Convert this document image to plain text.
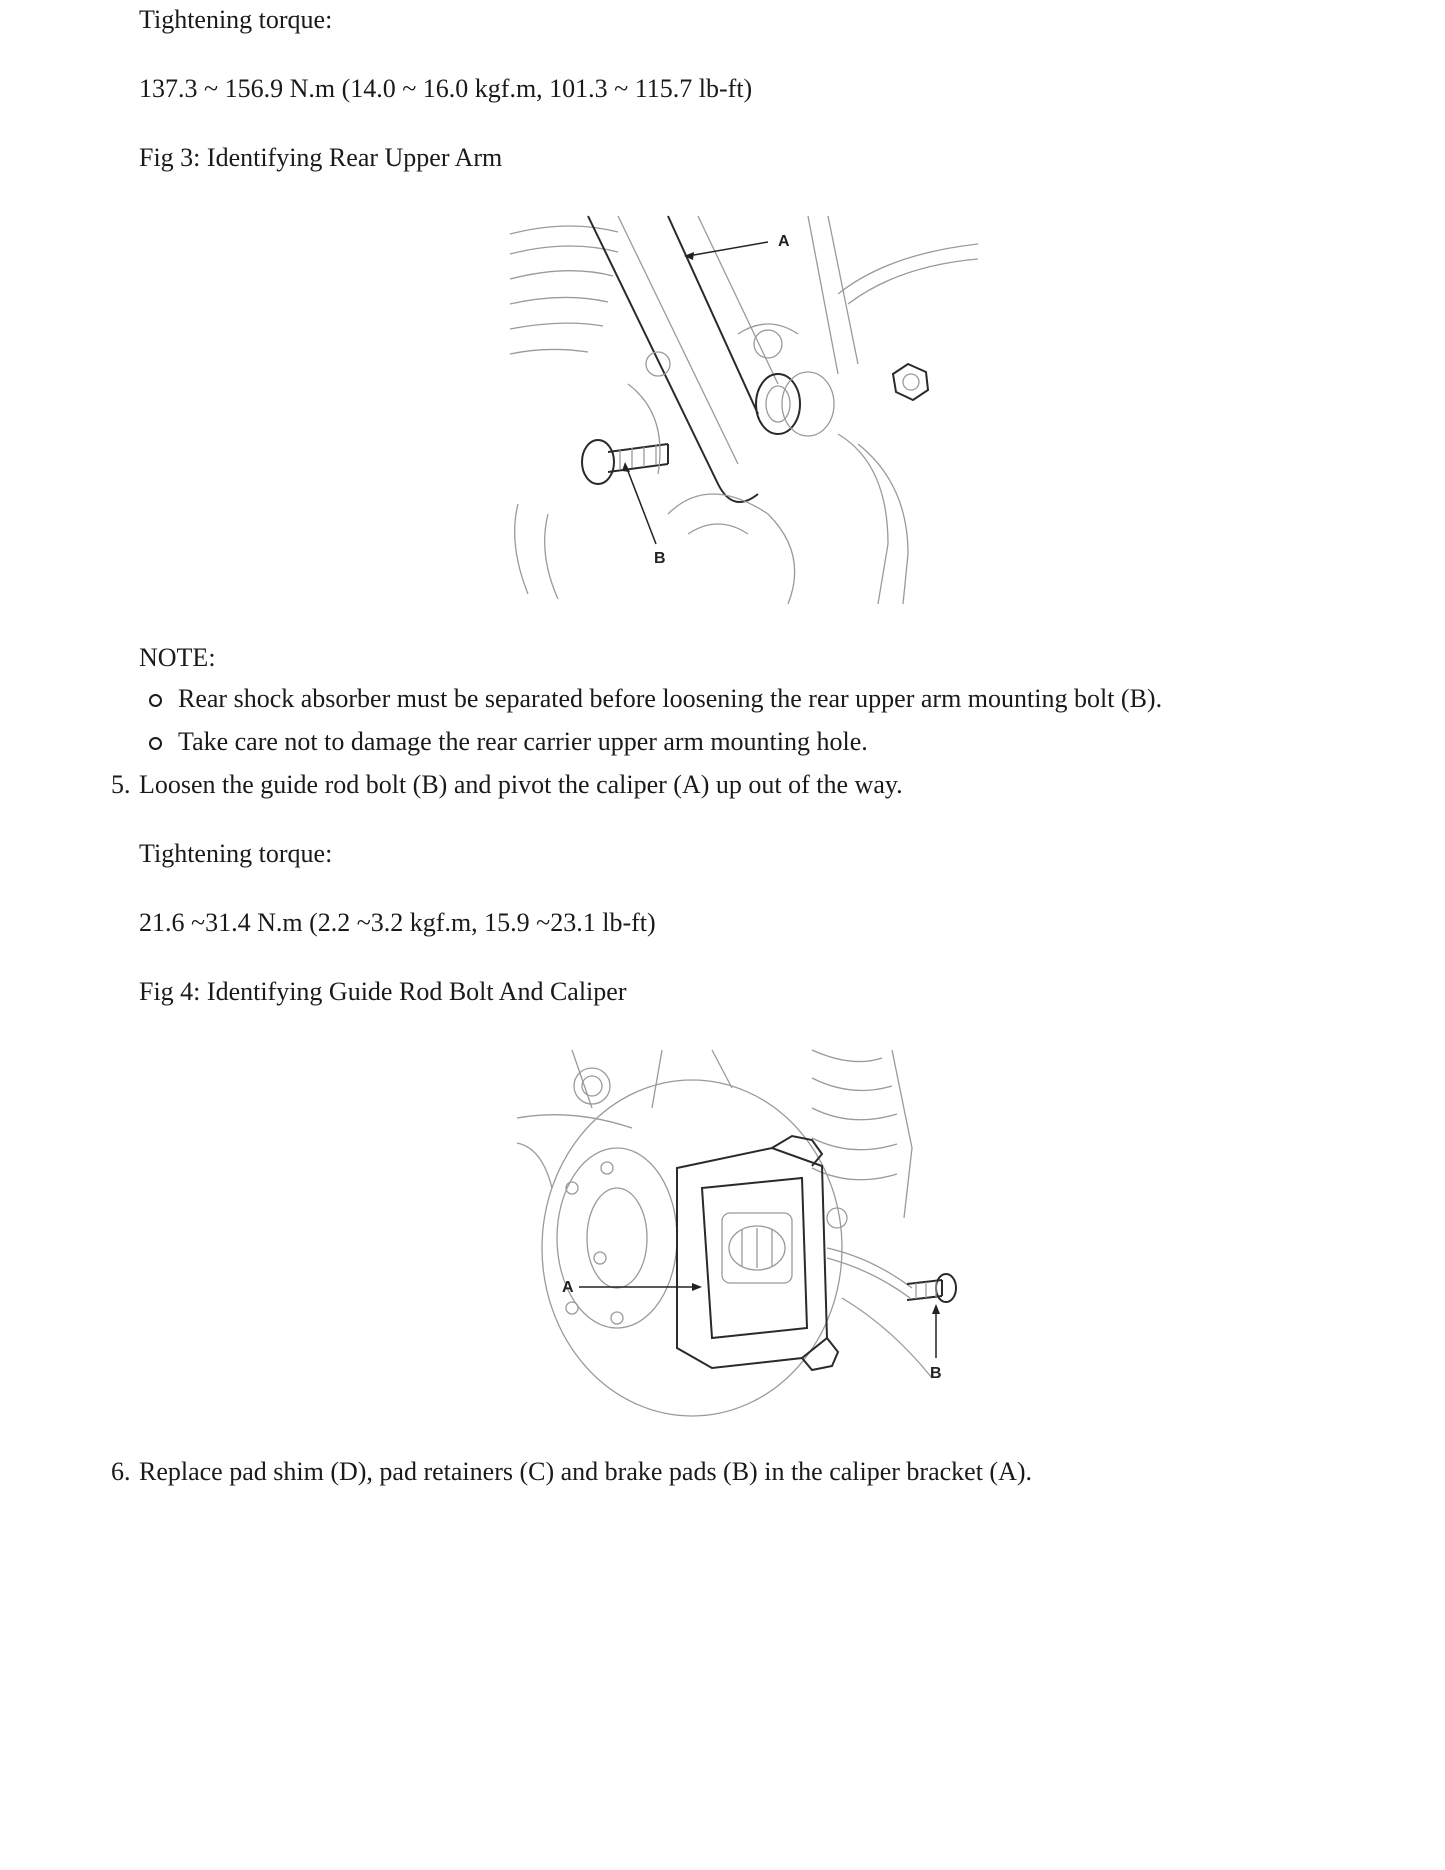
Tightening torque:
137.3 ~ 156.9 N.m (14.0 ~ 16.0 kgf.m, 101.3 ~ 115.7 lb-ft)
Fig 3: Identifying Rear Upper Arm
A
B
NOTE:
Rear shock absorber must be separated before loosening the rear upper arm mounting bolt (B).
Take care not to damage the rear carrier upper arm mounting hole.
5. Loosen the guide rod bolt (B) and pivot the caliper (A) up out of the way.
Tightening torque:
21.6 ~31.4 N.m (2.2 ~3.2 kgf.m, 15.9 ~23.1 lb-ft)
Fig 4: Identifying Guide Rod Bolt And Caliper
A
B
6. Replace pad shim (D), pad retainers (C) and brake pads (B) in the caliper bracket (A).
